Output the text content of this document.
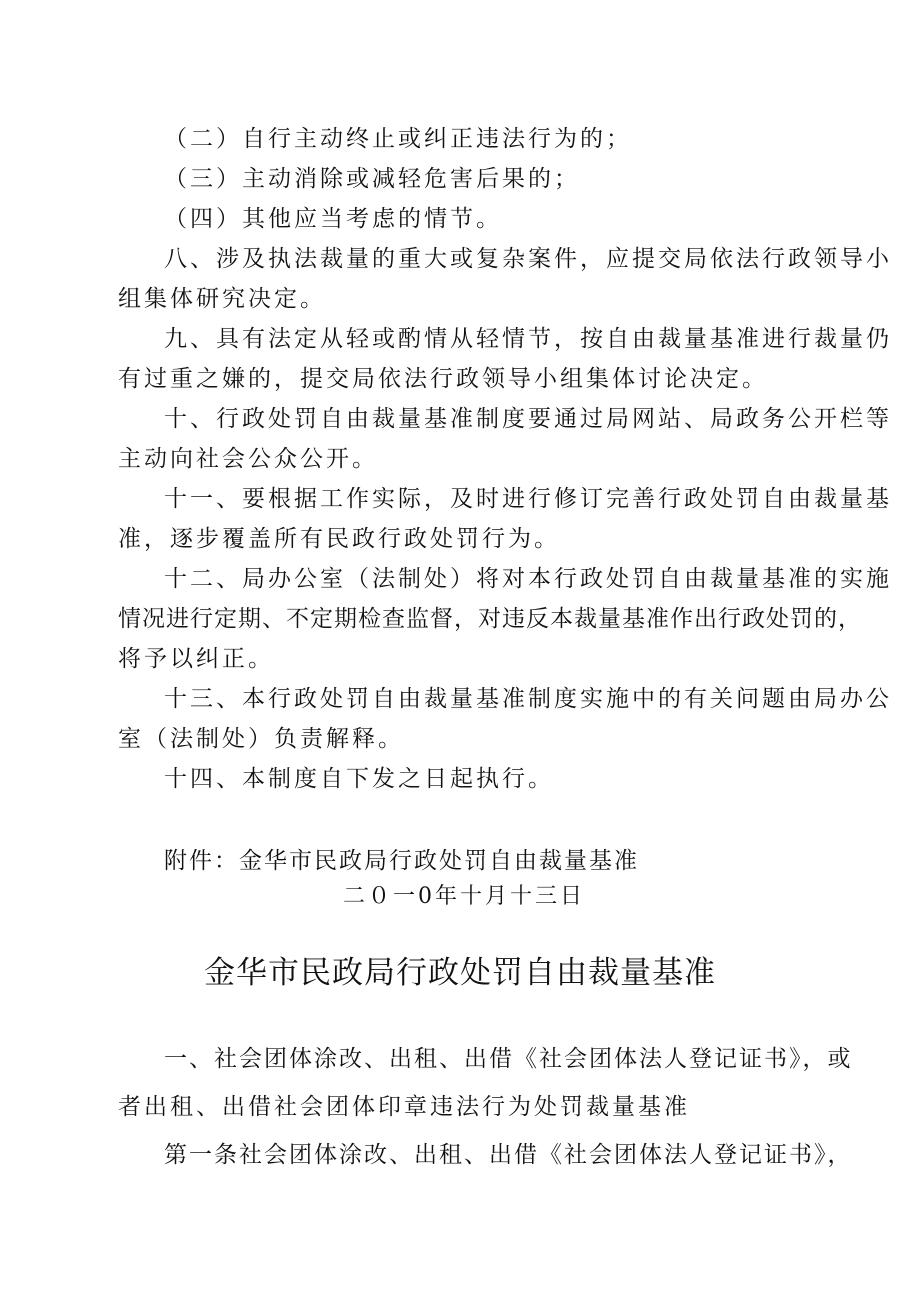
（二）自行主动终止或纠正违法行为的；
（三）主动消除或减轻危害后果的；
（四）其他应当考虑的情节。
八、涉及执法裁量的重大或复杂案件，应提交局依法行政领导小
组集体研究决定。
九、具有法定从轻或酌情从轻情节，按自由裁量基准进行裁量仍
有过重之嫌的，提交局依法行政领导小组集体讨论决定。
十、行政处罚自由裁量基准制度要通过局网站、局政务公开栏等
主动向社会公众公开。
十一、要根据工作实际，及时进行修订完善行政处罚自由裁量基
准，逐步覆盖所有民政行政处罚行为。
十二、局办公室（法制处）将对本行政处罚自由裁量基准的实施
情况进行定期、不定期检查监督，对违反本裁量基准作出行政处罚的，
将予以纠正。
十三、本行政处罚自由裁量基准制度实施中的有关问题由局办公
室（法制处）负责解释。
十四、本制度自下发之日起执行。
附件：金华市民政局行政处罚自由裁量基准
二０一0年十月十三日
金华市民政局行政处罚自由裁量基准
一、社会团体涂改、出租、出借《社会团体法人登记证书》，或
者出租、出借社会团体印章违法行为处罚裁量基准
第一条社会团体涂改、出租、出借《社会团体法人登记证书》，
